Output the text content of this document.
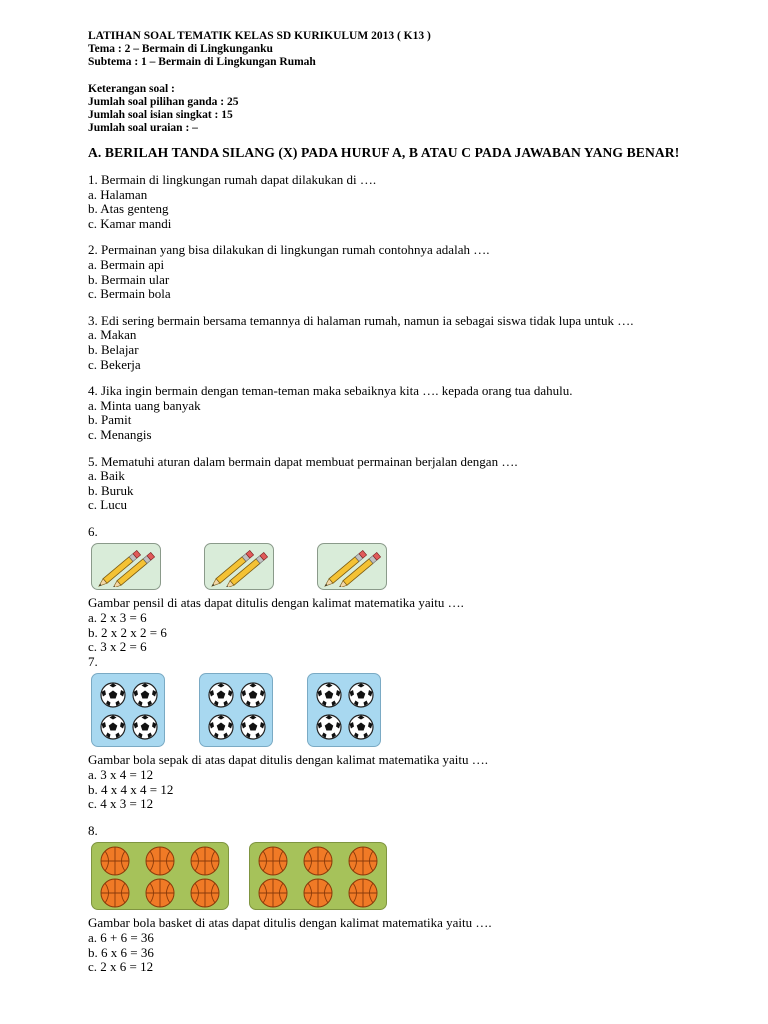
LATIHAN SOAL TEMATIK KELAS SD KURIKULUM 2013 ( K13 )
Tema : 2 – Bermain di Lingkunganku
Subtema : 1 – Bermain di Lingkungan Rumah
Keterangan soal :
Jumlah soal pilihan ganda : 25
Jumlah soal isian singkat : 15
Jumlah soal uraian : –
A. BERILAH TANDA SILANG (X) PADA HURUF A, B ATAU C PADA JAWABAN YANG BENAR!
1. Bermain di lingkungan rumah dapat dilakukan di ….
a. Halaman
b. Atas genteng
c. Kamar mandi
2. Permainan yang bisa dilakukan di lingkungan rumah contohnya adalah ….
a. Bermain api
b. Bermain ular
c. Bermain bola
3. Edi sering bermain bersama temannya di halaman rumah, namun ia sebagai siswa tidak lupa untuk ….
a. Makan
b. Belajar
c. Bekerja
4. Jika ingin bermain dengan teman-teman maka sebaiknya kita …. kepada orang tua dahulu.
a. Minta uang banyak
b. Pamit
c. Menangis
5. Mematuhi aturan dalam bermain dapat membuat permainan berjalan dengan ….
a. Baik
b. Buruk
c. Lucu
6.
Gambar pensil di atas dapat ditulis dengan kalimat matematika yaitu ….
a. 2 x 3 = 6
b. 2 x 2 x 2 = 6
c. 3 x 2 = 6
7.
Gambar bola sepak di atas dapat ditulis dengan kalimat matematika yaitu ….
a. 3 x 4 = 12
b. 4 x 4 x 4 = 12
c. 4 x 3 = 12
8.
Gambar bola basket di atas dapat ditulis dengan kalimat matematika yaitu ….
a. 6 + 6 = 36
b. 6 x 6 = 36
c. 2 x 6 = 12
